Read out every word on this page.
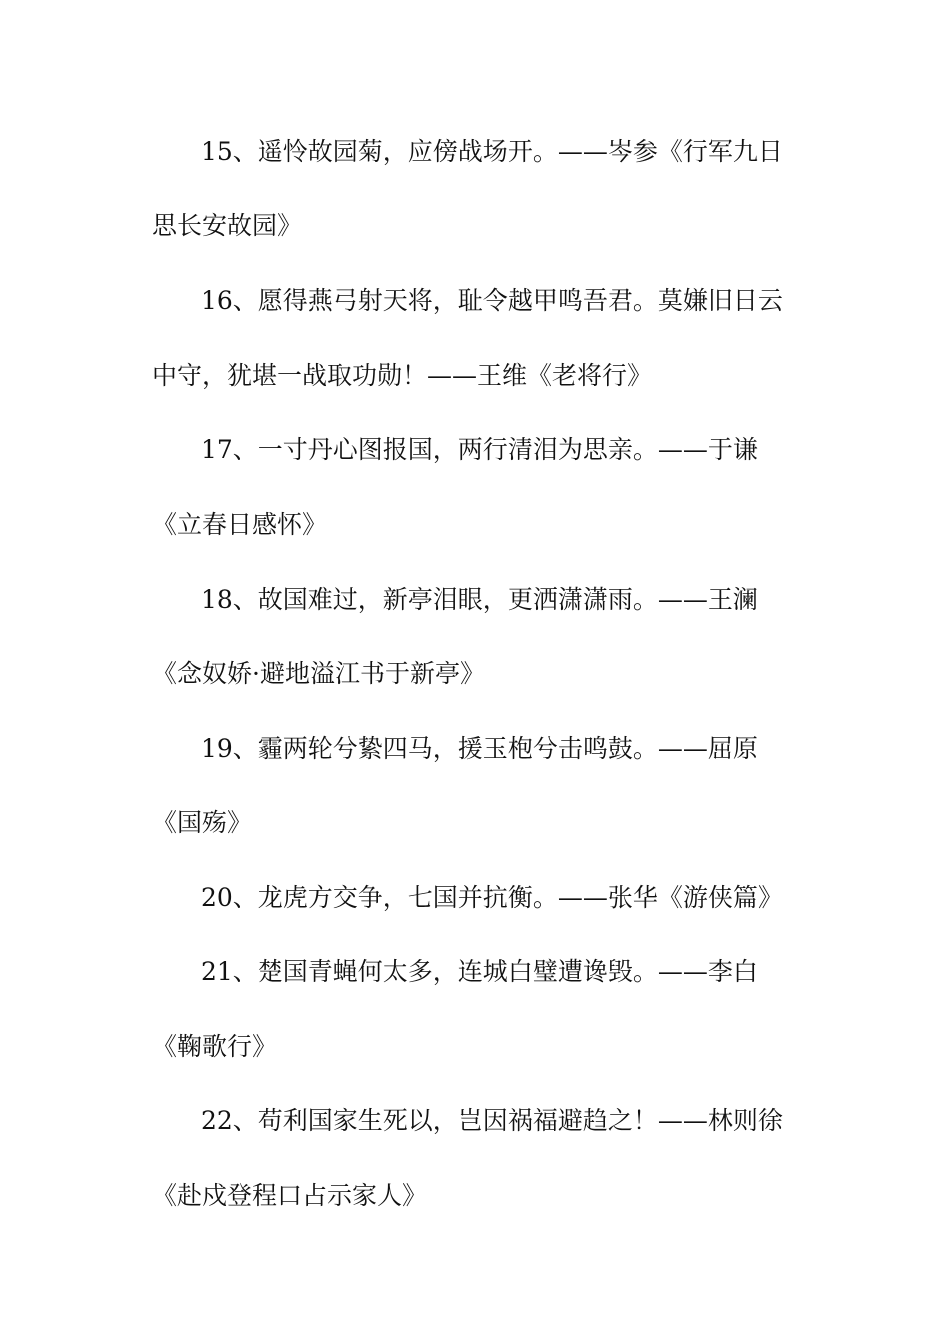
15、遥怜故园菊，应傍战场开。——岑参《行军九日
思长安故园》
16、愿得燕弓射天将，耻令越甲鸣吾君。莫嫌旧日云
中守，犹堪一战取功勋！——王维《老将行》
17、一寸丹心图报国，两行清泪为思亲。——于谦
《立春日感怀》
18、故国难过，新亭泪眼，更洒潇潇雨。——王澜
《念奴娇·避地溢江书于新亭》
19、霾两轮兮絷四马，援玉枹兮击鸣鼓。——屈原
《国殇》
20、龙虎方交争，七国并抗衡。——张华《游侠篇》
21、楚国青蝇何太多，连城白璧遭谗毁。——李白
《鞠歌行》
22、苟利国家生死以，岂因祸福避趋之！——林则徐
《赴戍登程口占示家人》
